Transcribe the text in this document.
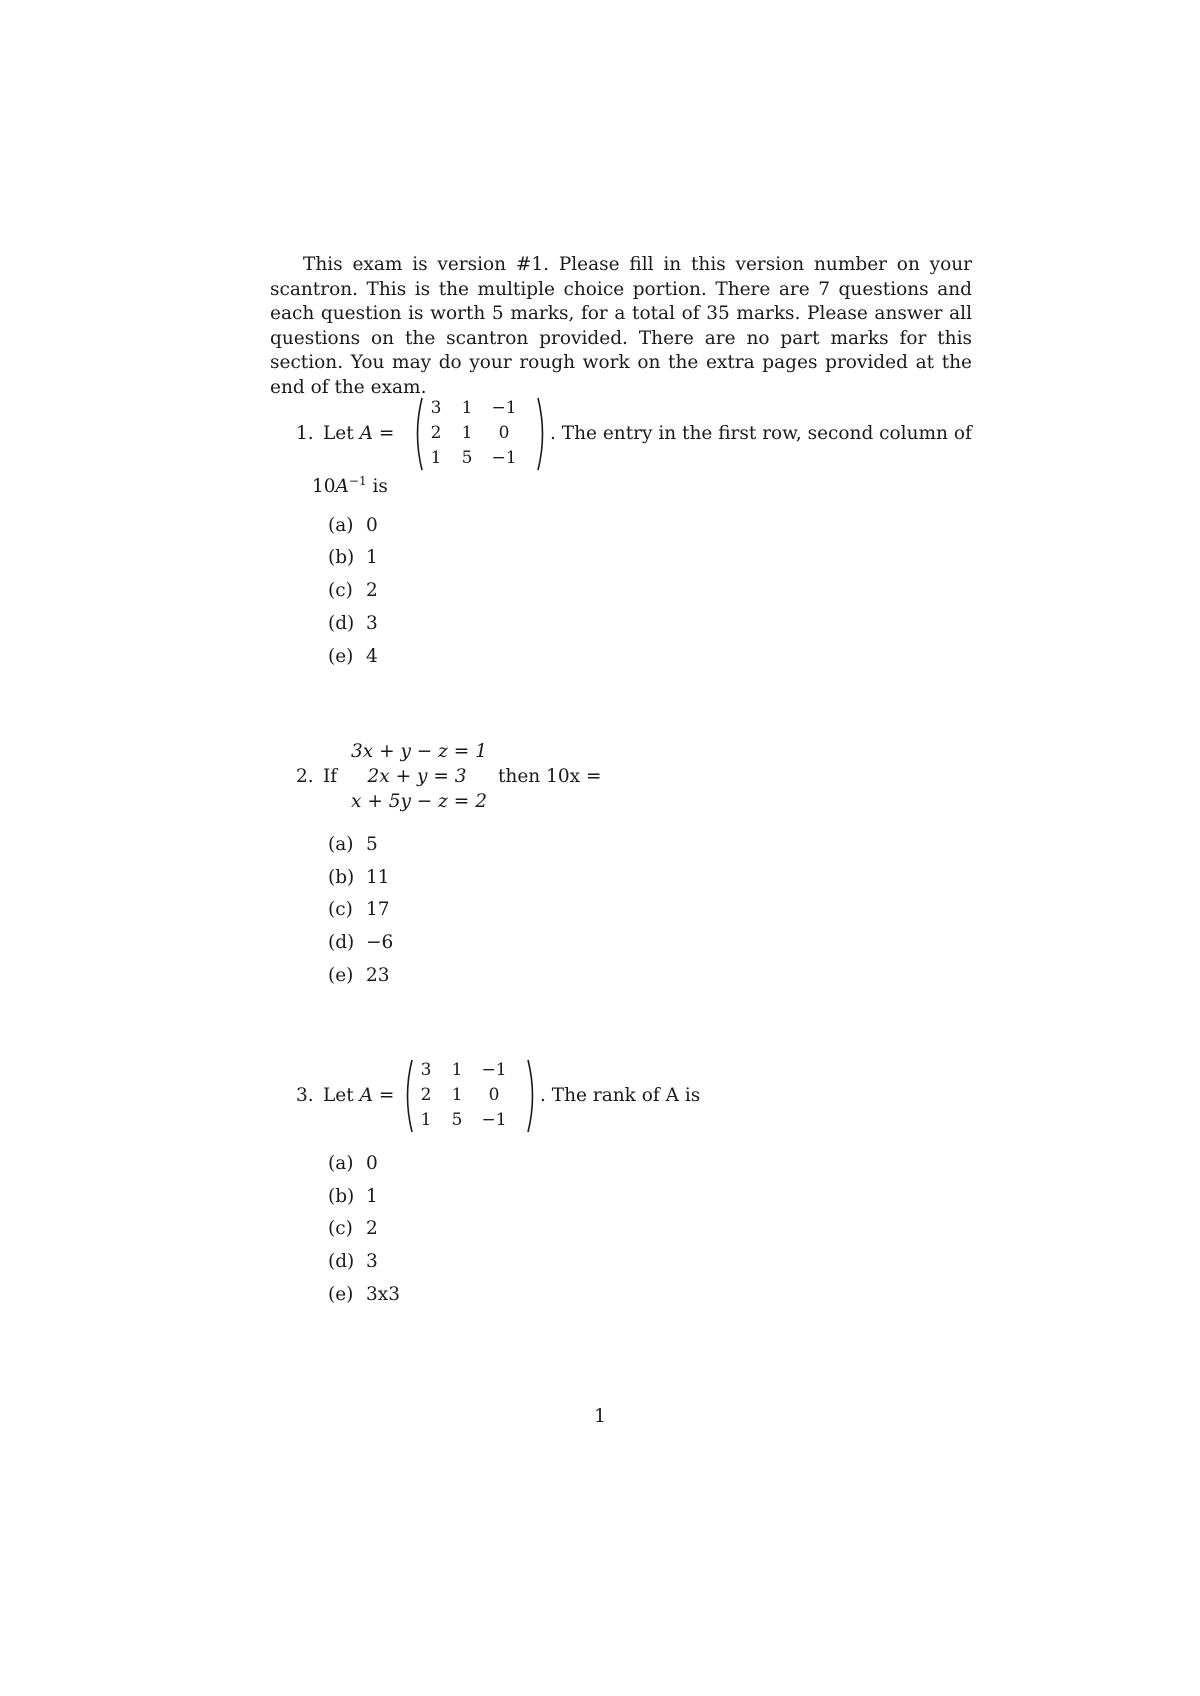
This exam is version #1. Please fill in this version number on your scantron. This is the multiple choice portion. There are 7 questions and each question is worth 5 marks, for a total of 35 marks. Please answer all questions on the scantron provided. There are no part marks for this section. You may do your rough work on the extra pages provided at the end of the exam.
1. Let A =
3	1	−1
2	1	0
1	5	−1
. The entry in the first row, second column of
$10A^{-1}$ is
(a) 0
(b) 1
(c) 2
(d) 3
(e) 4
2. If
3x + y − z = 1
2x + y = 3
x + 5y − z = 2
then 10x =
(a) 5
(b) 11
(c) 17
(d) −6
(e) 23
3. Let A =
3	1	−1
2	1	0
1	5	−1
. The rank of A is
(a) 0
(b) 1
(c) 2
(d) 3
(e) 3x3
1
